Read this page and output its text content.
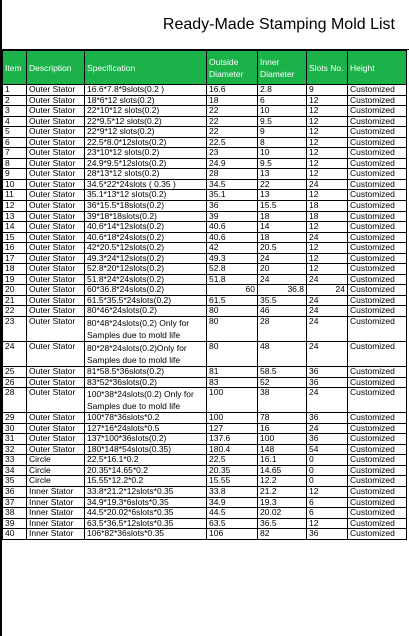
Ready-Made Stamping Mold List
Item	Description	Specification	Outside Diameter	Inner Diameter	Slots No.	Height
1	Outer Stator	16.6*7.8*9slots(0.2 )	16.6	2.8	9	Customized
2	Outer Stator	18*6*12 slots(0.2)	18	6	12	Customized
3	Outer Stator	22*10*12 slots(0.2)	22	10	12	Customized
4	Outer Stator	22*9.5*12 slots(0.2)	22	9.5	12	Customized
5	Outer Stator	22*9*12 slots(0.2)	22	9	12	Customized
6	Outer Stator	22.5*8.0*12slots(0.2)	22.5	8	12	Customized
7	Outer Stator	23*10*12 slots(0.2)	23	10	12	Customized
8	Outer Stator	24.9*9.5*12slots(0.2)	24.9	9.5	12	Customized
9	Outer Stator	28*13*12 slots(0.2)	28	13	12	Customized
10	Outer Stator	34.5*22*24slots ( 0.35 )	34.5	22	24	Customized
11	Outer Stator	35.1*13*12 slots(0.2)	35.1	13	12	Customized
12	Outer Stator	36*15.5*18slots(0.2)	36	15.5	18	Customized
13	Outer Stator	39*18*18slots(0.2)	39	18	18	Customized
14	Outer Stator	40.6*14*12slots(0.2)	40.6	14	12	Customized
15	Outer Stator	40.6*18*24slots(0.2)	40.6	18	24	Customized
16	Outer Stator	42*20.5*12slots(0.2)	42	20.5	12	Customized
17	Outer Stator	49.3*24*12slots(0.2)	49.3	24	12	Customized
18	Outer Stator	52.8*20*12slots(0.2)	52.8	20	12	Customized
19	Outer Stator	51.8*24*24slots(0.2)	51.8	24	24	Customized
20	Outer Stator	60*36.8*24slots(0.2)	60	36.8	24	Customized
21	Outer Stator	61.5*35.5*24slots(0.2)	61.5	35.5	24	Customized
22	Outer Stator	80*46*24slots(0.2)	80	46	24	Customized
23	Outer Stator	80*48*24slots(0.2) Only for Samples due to mold life	80	28	24	Customized
24	Outer Stator	80*28*24slots(0.2)Only for Samples due to mold life	80	48	24	Customized
25	Outer Stator	81*58.5*36slots(0.2)	81	58.5	36	Customized
26	Outer Stator	83*52*36slots(0.2)	83	52	36	Customized
28	Outer Stator	100*38*24slots(0.2) Only for Samples due to mold life	100	38	24	Customized
29	Outer Stator	100*78*36slots*0.2	100	78	36	Customized
30	Outer Stator	127*16*24slots*0.5	127	16	24	Customized
31	Outer Stator	137*100*36slots(0.2)	137.6	100	36	Customized
32	Outer Stator	180*148*54slots(0.35)	180.4	148	54	Customized
33	Circle	22.5*16.1*0.2	22.5	16.1	0	Customized
34	Circle	20.35*14.65*0.2	20.35	14.65	0	Customized
35	Circle	15.55*12.2*0.2	15.55	12.2	0	Customized
36	Inner Stator	33.8*21.2*12slots*0.35	33.8	21.2	12	Customized
37	Inner Stator	34.9*19.3*6slots*0.35	34.9	19.3	6	Customized
38	Inner Stator	44.5*20.02*6slots*0.35	44.5	20.02	6	Customized
39	Inner Stator	63.5*36.5*12slots*0.35	63.5	36.5	12	Customized
40	Inner Stator	106*82*36slots*0.35	106	82	36	Customized
